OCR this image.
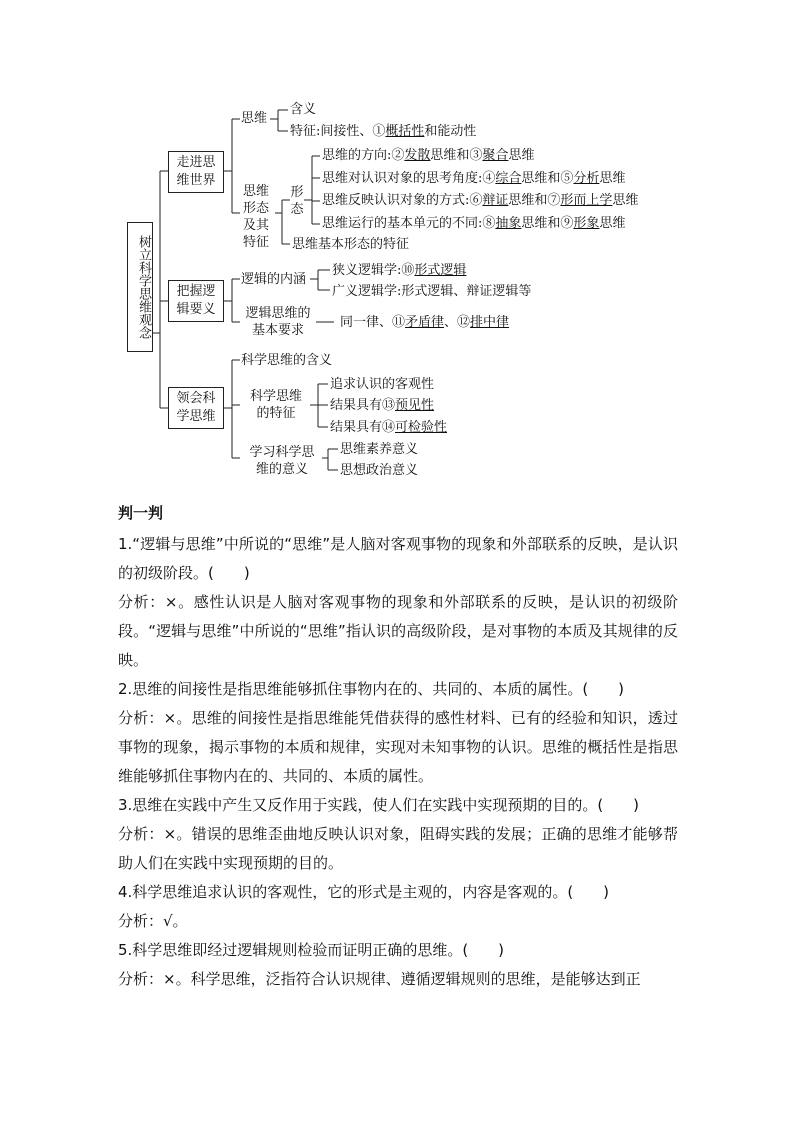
树立科学思维观念
走进思
维世界
思维
含义
特征:间接性、①概括性和能动性
思维
形态
及其
特征
形
态
思维的方向:②发散思维和③聚合思维
思维对认识对象的思考角度:④综合思维和⑤分析思维
思维反映认识对象的方式:⑥辩证思维和⑦形而上学思维
思维运行的基本单元的不同:⑧抽象思维和⑨形象思维
思维基本形态的特征
把握逻
辑要义
逻辑的内涵
狭义逻辑学:⑩形式逻辑
广义逻辑学:形式逻辑、辩证逻辑等
逻辑思维的
基本要求
同一律、⑪矛盾律、⑫排中律
领会科
学思维
科学思维的含义
科学思维
的特征
追求认识的客观性
结果具有⑬预见性
结果具有⑭可检验性
学习科学思
维的意义
思维素养意义
思想政治意义
判一判

1.“逻辑与思维”中所说的“思维”是人脑对客观事物的现象和外部联系的反映，是认识的初级阶段。(　　)

分析：×。感性认识是人脑对客观事物的现象和外部联系的反映，是认识的初级阶段。“逻辑与思维”中所说的“思维”指认识的高级阶段，是对事物的本质及其规律的反映。

2.思维的间接性是指思维能够抓住事物内在的、共同的、本质的属性。(　　)

分析：×。思维的间接性是指思维能凭借获得的感性材料、已有的经验和知识，透过事物的现象，揭示事物的本质和规律，实现对未知事物的认识。思维的概括性是指思维能够抓住事物内在的、共同的、本质的属性。

3.思维在实践中产生又反作用于实践，使人们在实践中实现预期的目的。(　　)

分析：×。错误的思维歪曲地反映认识对象，阻碍实践的发展；正确的思维才能够帮助人们在实践中实现预期的目的。

4.科学思维追求认识的客观性，它的形式是主观的，内容是客观的。(　　)

分析：√。

5.科学思维即经过逻辑规则检验而证明正确的思维。(　　)

分析：×。科学思维，泛指符合认识规律、遵循逻辑规则的思维，是能够达到正
